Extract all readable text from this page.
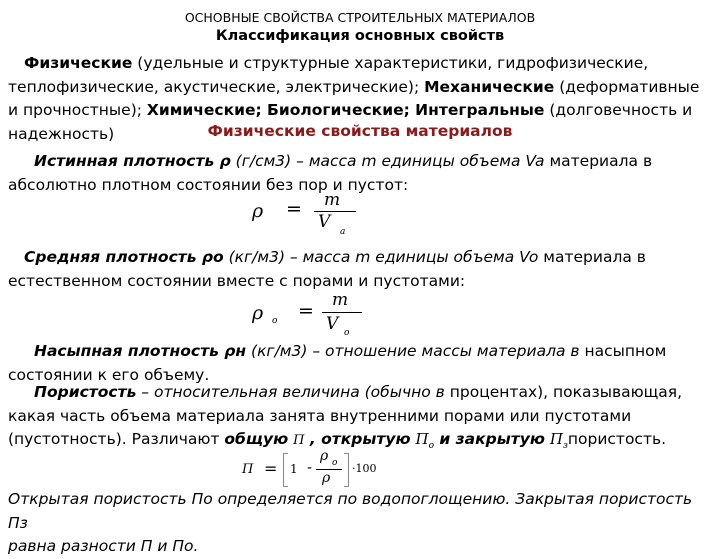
ОСНОВНЫЕ СВОЙСТВА СТРОИТЕЛЬНЫХ МАТЕРИАЛОВ
Классификация основных свойств
Физические (удельные и структурные характеристики, гидрофизические, теплофизические, акустические, электрические); Механические (деформативные и прочностные); Химические; Биологические; Интегральные (долговечность и надежность)	Физические свойства материалов
Истинная плотность ρ (г/см3) – масса m единицы объема Va материала в абсолютно плотном состоянии без пор и пустот:
ρ = m
V a
Средняя плотность ρo (кг/м3) – масса m единицы объема Vo материала в естественном состоянии вместе с порами и пустотами:
ρ o = m
V o
Насыпная плотность ρн (кг/м3) – отношение массы материала в насыпном состоянии к его объему.
Пористость – относительная величина (обычно в процентах), показывающая, какая часть объема материала занята внутренними порами или пустотами (пустотность). Различают общую П , открытую $П_о$ и закрытую $П_зпористость$.
П = 1 -
ρ o
ρ
·100
Открытая пористость По определяется по водопоглощению. Закрытая пористость Пз
равна разности П и По.
